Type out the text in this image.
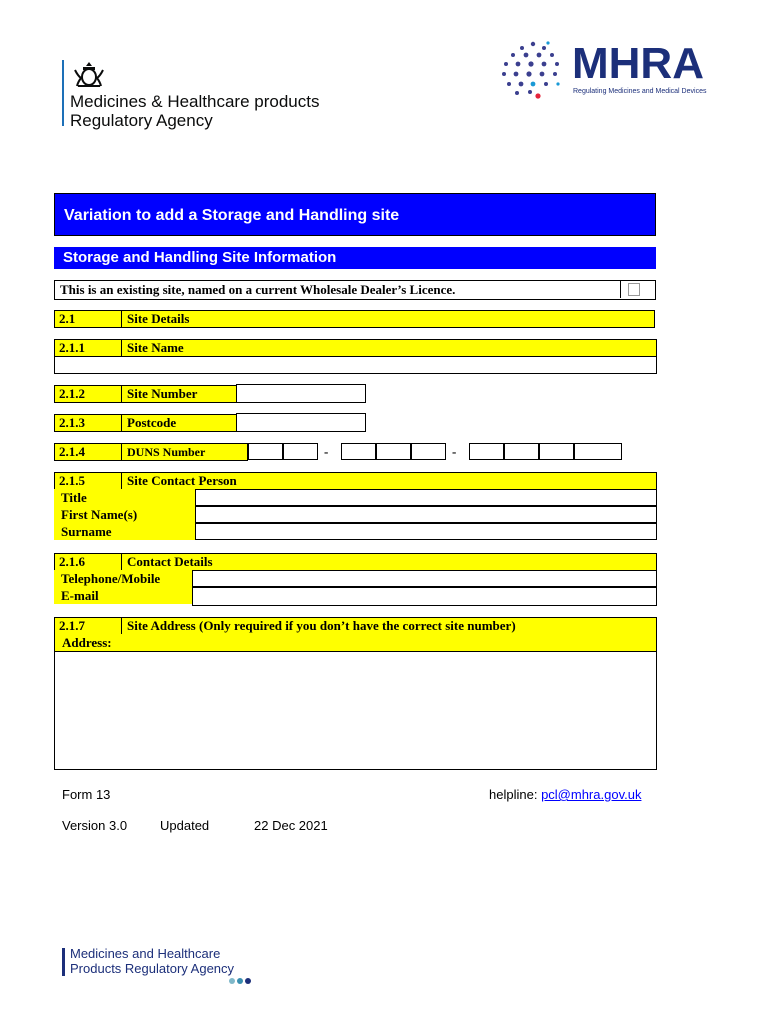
Medicines & Healthcare products
Regulatory Agency
MHRA
Regulating Medicines and Medical Devices
Variation to add a Storage and Handling site
Storage and Handling Site Information
This is an existing site, named on a current Wholesale Dealer’s Licence.
2.1	Site Details
2.1.1	Site Name
2.1.2	Site Number
2.1.3	Postcode
2.1.4	DUNS Number	-	-
2.1.5	Site Contact Person
Title
First Name(s)
Surname
2.1.6	Contact Details
Telephone/Mobile
E-mail
2.1.7	Site Address (Only required if you don’t have the correct site number)
Address:
Form 13	helpline: pcl@mhra.gov.uk
Version 3.0	Updated	22 Dec 2021
Medicines and Healthcare
Products Regulatory Agency
